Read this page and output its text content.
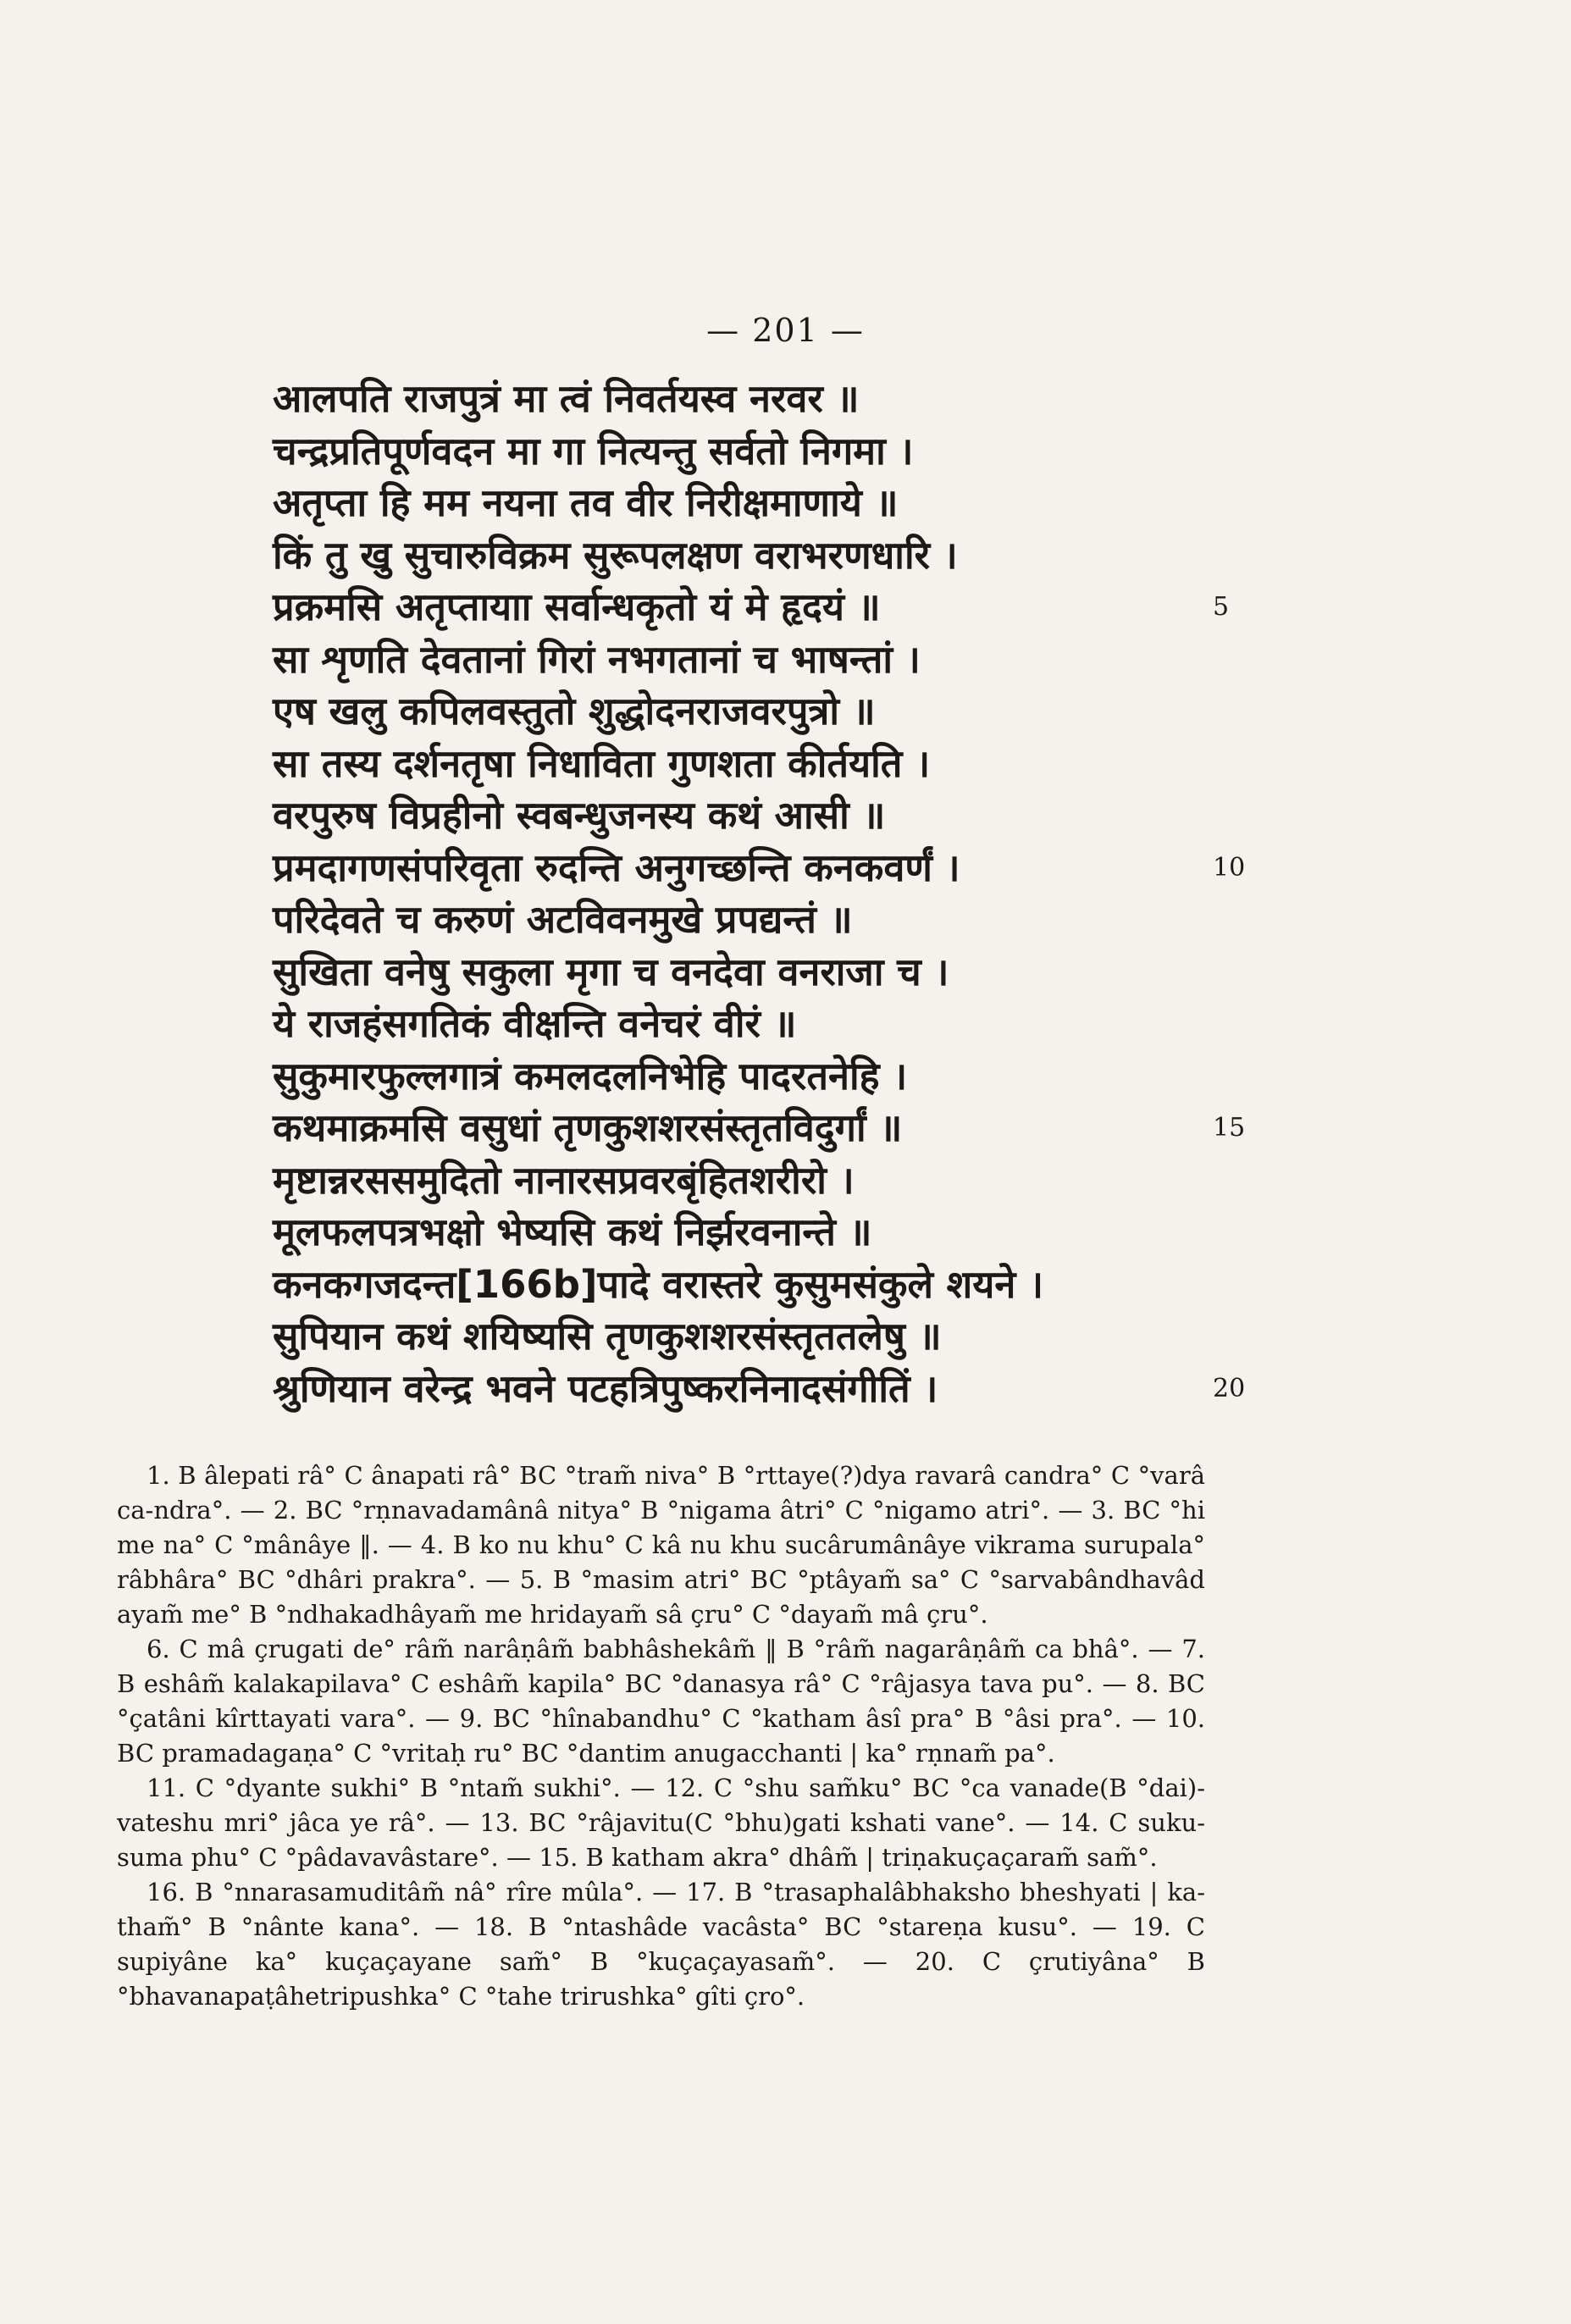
— 201 —
आलपति राजपुत्रं मा त्वं निवर्तयस्व नरवर ॥
चन्द्रप्रतिपूर्णवदन मा गा नित्यन्तु सर्वतो निगमा ।
अतृप्ता हि मम नयना तव वीर निरीक्षमाणाये ॥
किं तु खु सुचारुविक्रम सुरूपलक्षण वराभरणधारि ।
प्रक्रमसि अतृप्तायाा सर्वान्धकृतो यं मे हृदयं ॥	5
सा शृणति देवतानां गिरां नभगतानां च भाषन्तां ।
एष खलु कपिलवस्तुतो शुद्धोदनराजवरपुत्रो ॥
सा तस्य दर्शनतृषा निधाविता गुणशता कीर्तयति ।
वरपुरुष विप्रहीनो स्वबन्धुजनस्य कथं आसी ॥
प्रमदागणसंपरिवृता रुदन्ति अनुगच्छन्ति कनकवर्णं ।	10
परिदेवते च करुणं अटविवनमुखे प्रपद्यन्तं ॥
सुखिता वनेषु सकुला मृगा च वनदेवा वनराजा च ।
ये राजहंसगतिकं वीक्षन्ति वनेचरं वीरं ॥
सुकुमारफुल्लगात्रं कमलदलनिभेहि पादरतनेहि ।
कथमाक्रमसि वसुधां तृणकुशशरसंस्तृतविदुर्गां ॥	15
मृष्टान्नरससमुदितो नानारसप्रवरबृंहितशरीरो ।
मूलफलपत्रभक्षो भेष्यसि कथं निर्झरवनान्ते ॥
कनकगजदन्त[166b]पादे वरास्तरे कुसुमसंकुले शयने ।
सुपियान कथं शयिष्यसि तृणकुशशरसंस्तृततलेषु ॥
श्रुणियान वरेन्द्र भवने पटहत्रिपुष्करनिनादसंगीतिं ।	20

1. B âlepati râ° C ânapati râ° BC °tram̃ niva° B °rttaye(?)dya ravarâ candra° C °varâ ca-ndra°. — 2. BC °rṇnavadamânâ nitya° B °nigama âtri° C °nigamo atri°. — 3. BC °hi me na° C °mânâye ‖. — 4. B ko nu khu° C kâ nu khu sucârumânâye vikrama surupala° râbhâra° BC °dhâri prakra°. — 5. B °masim atri° BC °ptâyam̃ sa° C °sarvabândhavâd ayam̃ me° B °ndhakadhâyam̃ me hridayam̃ sâ çru° C °dayam̃ mâ çru°.

6. C mâ çrugati de° râm̃ narâṇâm̃ babhâshekâm̃ ‖ B °râm̃ nagarâṇâm̃ ca bhâ°. — 7. B eshâm̃ kalakapilava° C eshâm̃ kapila° BC °danasya râ° C °râjasya tava pu°. — 8. BC °çatâni kîrttayati vara°. — 9. BC °hînabandhu° C °katham âsî pra° B °âsi pra°. — 10. BC pramadagaṇa° C °vritaḥ ru° BC °dantim anugacchanti | ka° rṇnam̃ pa°.

11. C °dyante sukhi° B °ntam̃ sukhi°. — 12. C °shu sam̃ku° BC °ca vanade(B °dai)-vateshu mri° jâca ye râ°. — 13. BC °râjavitu(C °bhu)gati kshati vane°. — 14. C suku-suma phu° C °pâdavavâstare°. — 15. B katham akra° dhâm̃ | triṇakuçaçaram̃ sam̃°.

16. B °nnarasamuditâm̃ nâ° rîre mûla°. — 17. B °trasaphalâbhaksho bheshyati | ka-tham̃° B °nânte kana°. — 18. B °ntashâde vacâsta° BC °stareṇa kusu°. — 19. C supiyâne ka° kuçaçayane sam̃° B °kuçaçayasam̃°. — 20. C çrutiyâna° B °bhavanapaṭâhetripushka° C °tahe trirushka° gîti çro°.
